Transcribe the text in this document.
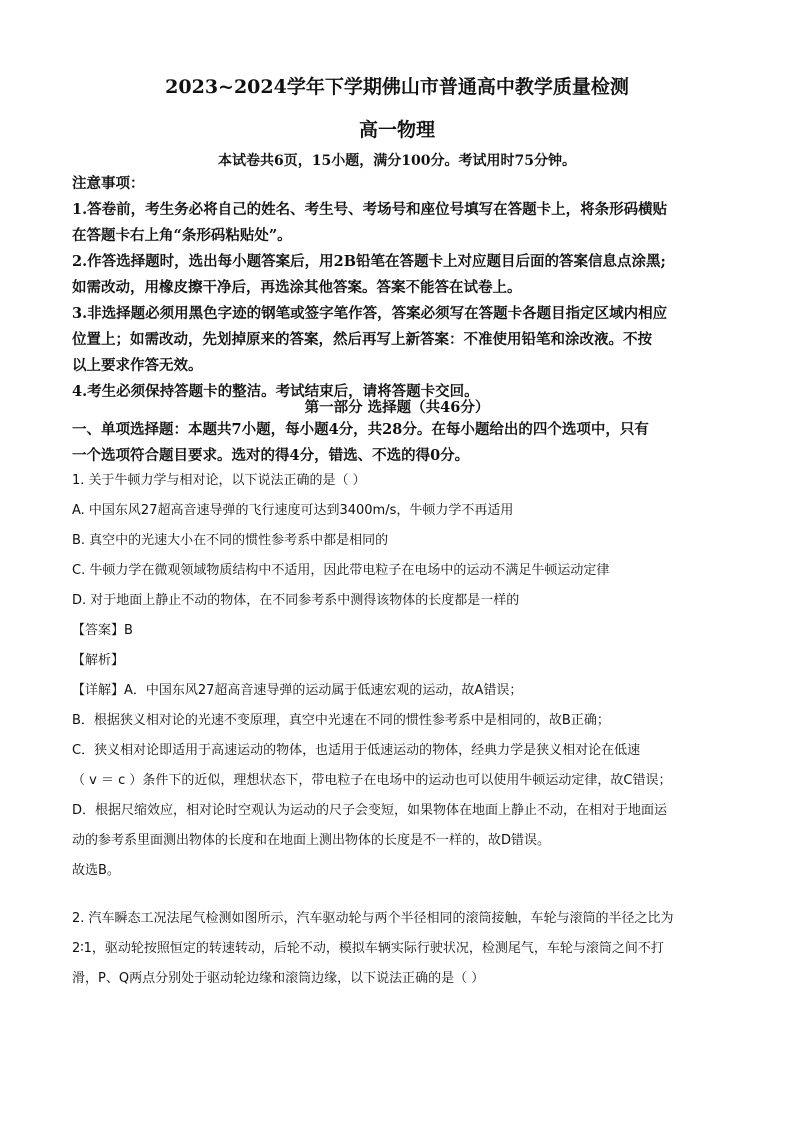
2023~2024学年下学期佛山市普通高中教学质量检测
高一物理
本试卷共6页，15小题，满分100分。考试用时75分钟。

注意事项：

1.答卷前，考生务必将自己的姓名、考生号、考场号和座位号填写在答题卡上，将条形码横贴

在答题卡右上角“条形码粘贴处”。

2.作答选择题时，选出每小题答案后，用2B铅笔在答题卡上对应题目后面的答案信息点涂黑;

如需改动，用橡皮擦干净后，再选涂其他答案。答案不能答在试卷上。

3.非选择题必须用黑色字迹的钢笔或签字笔作答，答案必须写在答题卡各题目指定区域内相应

位置上；如需改动，先划掉原来的答案，然后再写上新答案：不准使用铅笔和涂改液。不按

以上要求作答无效。

4.考生必须保持答题卡的整洁。考试结束后，请将答题卡交回。

第一部分 选择题（共46分）

一、单项选择题：本题共7小题，每小题4分，共28分。在每小题给出的四个选项中，只有

一个选项符合题目要求。选对的得4分，错选、不选的得0分。

1. 关于牛顿力学与相对论，以下说法正确的是（ ）

A. 中国东风27超高音速导弹的飞行速度可达到3400m/s，牛顿力学不再适用

B. 真空中的光速大小在不同的惯性参考系中都是相同的

C. 牛顿力学在微观领域物质结构中不适用，因此带电粒子在电场中的运动不满足牛顿运动定律

D. 对于地面上静止不动的物体，在不同参考系中测得该物体的长度都是一样的

【答案】B

【解析】

【详解】A．中国东风27超高音速导弹的运动属于低速宏观的运动，故A错误；

B．根据狭义相对论的光速不变原理，真空中光速在不同的惯性参考系中是相同的，故B正确；

C．狭义相对论即适用于高速运动的物体，也适用于低速运动的物体，经典力学是狭义相对论在低速

（ v ＝ c ）条件下的近似，理想状态下，带电粒子在电场中的运动也可以使用牛顿运动定律，故C错误；

D．根据尺缩效应，相对论时空观认为运动的尺子会变短，如果物体在地面上静止不动，在相对于地面运

动的参考系里面测出物体的长度和在地面上测出物体的长度是不一样的，故D错误。

故选B。

2. 汽车瞬态工况法尾气检测如图所示，汽车驱动轮与两个半径相同的滚筒接触，车轮与滚筒的半径之比为

2∶1，驱动轮按照恒定的转速转动，后轮不动，模拟车辆实际行驶状况，检测尾气，车轮与滚筒之间不打

滑，P、Q两点分别处于驱动轮边缘和滚筒边缘，以下说法正确的是（ ）
